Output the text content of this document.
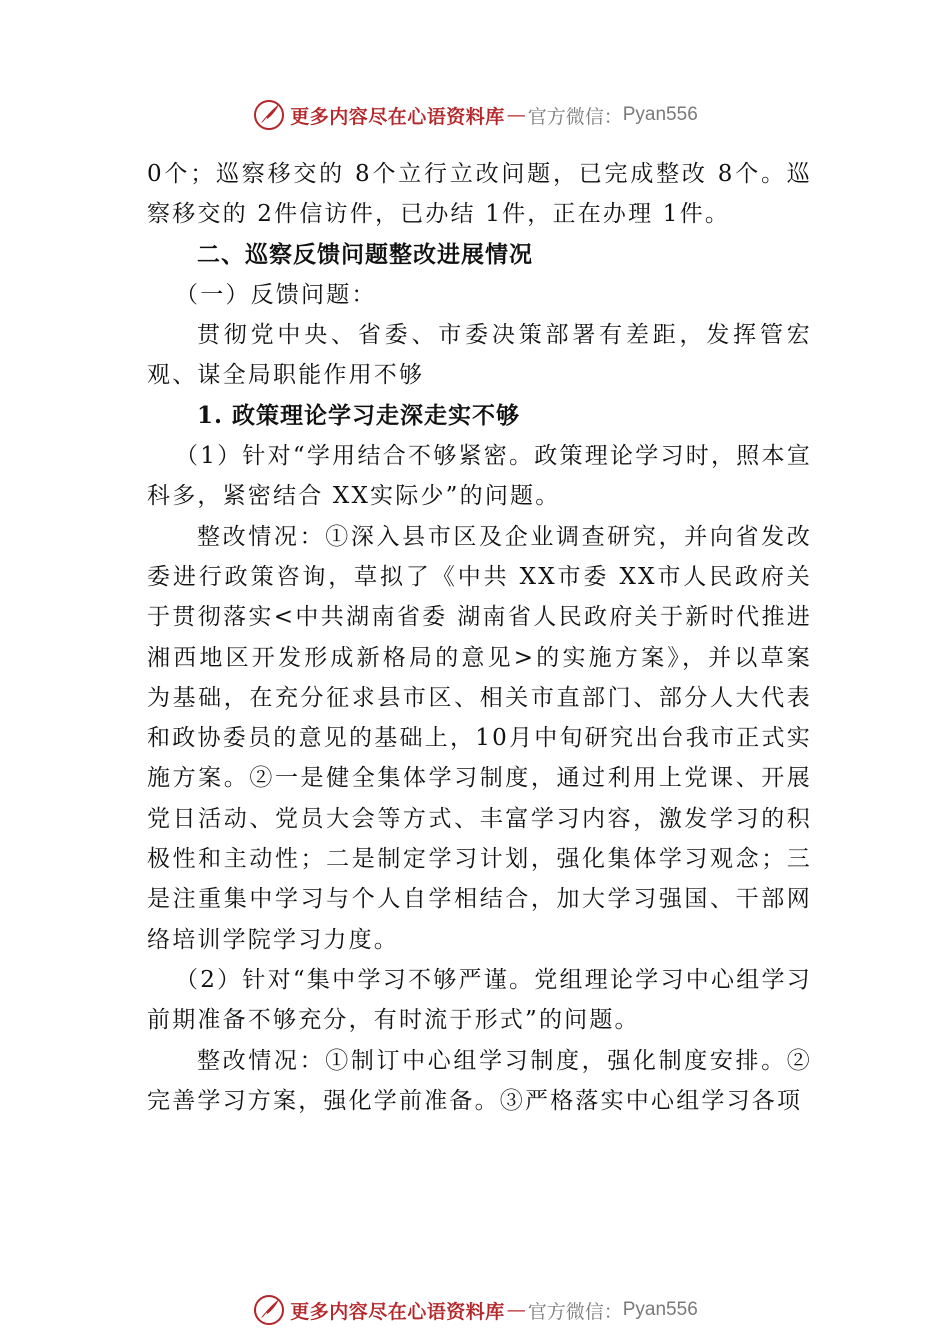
更多内容尽在心语资料库 — 官方微信： Pyan556

0个；巡察移交的 8个立行立改问题，已完成整改 8个。巡察移交的 2件信访件，已办结 1件，正在办理 1件。

二、巡察反馈问题整改进展情况

（一）反馈问题：

贯彻党中央、省委、市委决策部署有差距，发挥管宏观、谋全局职能作用不够

1. 政策理论学习走深走实不够

（1）针对“学用结合不够紧密。政策理论学习时，照本宣科多，紧密结合 XX实际少”的问题。

整改情况：①深入县市区及企业调查研究，并向省发改委进行政策咨询，草拟了《中共 XX市委 XX市人民政府关于贯彻落实<中共湖南省委 湖南省人民政府关于新时代推进湘西地区开发形成新格局的意见>的实施方案》，并以草案为基础，在充分征求县市区、相关市直部门、部分人大代表和政协委员的意见的基础上，10月中旬研究出台我市正式实施方案。②一是健全集体学习制度，通过利用上党课、开展党日活动、党员大会等方式、丰富学习内容，激发学习的积极性和主动性；二是制定学习计划，强化集体学习观念；三是注重集中学习与个人自学相结合，加大学习强国、干部网络培训学院学习力度。

（2）针对“集中学习不够严谨。党组理论学习中心组学习前期准备不够充分，有时流于形式”的问题。

整改情况：①制订中心组学习制度，强化制度安排。②完善学习方案，强化学前准备。③严格落实中心组学习各项

更多内容尽在心语资料库 — 官方微信： Pyan556
